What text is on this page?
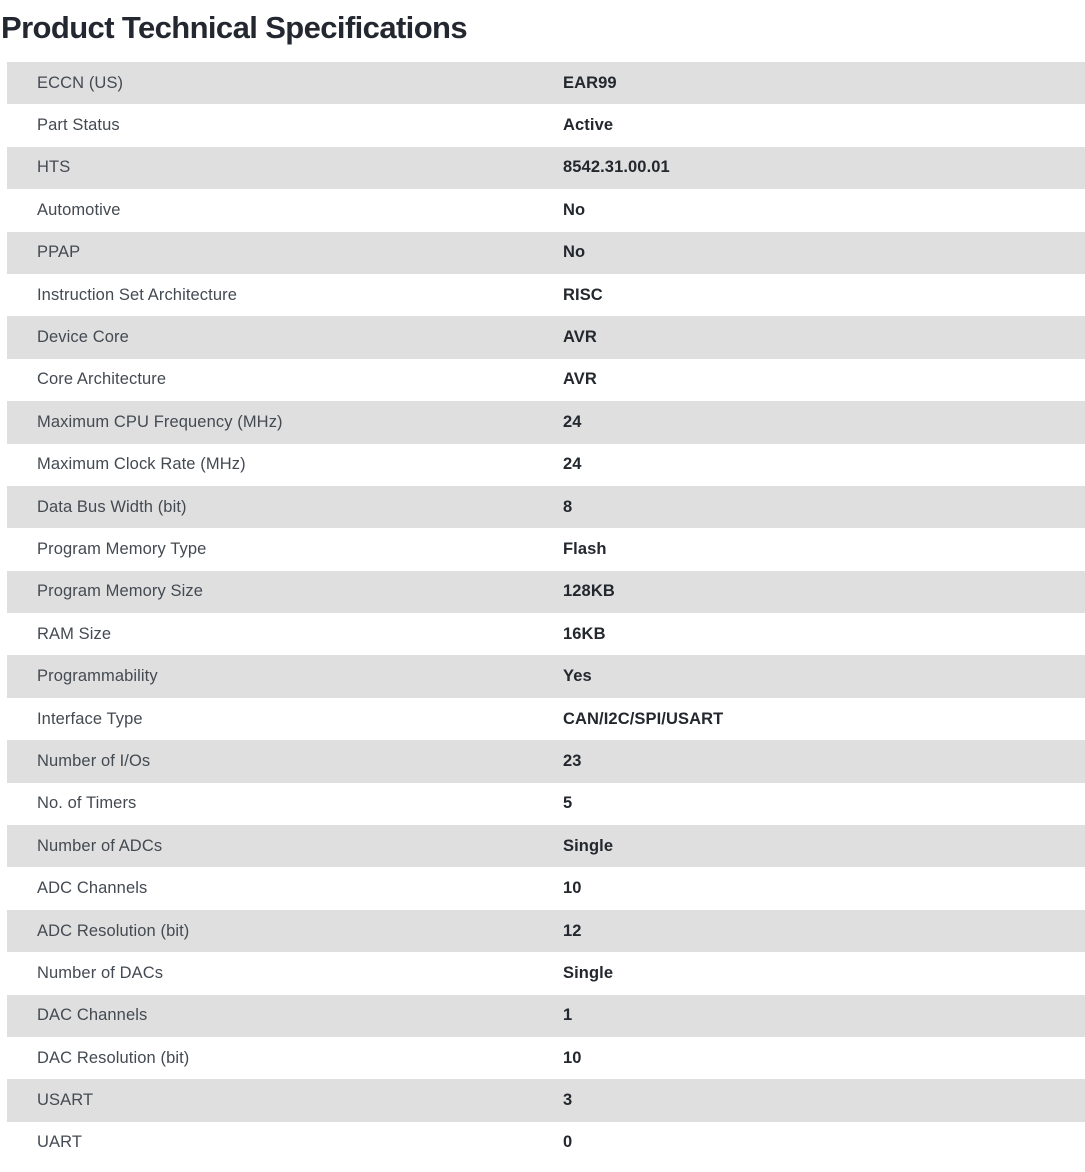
Product Technical Specifications
ECCN (US)	EAR99
Part Status	Active
HTS	8542.31.00.01
Automotive	No
PPAP	No
Instruction Set Architecture	RISC
Device Core	AVR
Core Architecture	AVR
Maximum CPU Frequency (MHz)	24
Maximum Clock Rate (MHz)	24
Data Bus Width (bit)	8
Program Memory Type	Flash
Program Memory Size	128KB
RAM Size	16KB
Programmability	Yes
Interface Type	CAN/I2C/SPI/USART
Number of I/Os	23
No. of Timers	5
Number of ADCs	Single
ADC Channels	10
ADC Resolution (bit)	12
Number of DACs	Single
DAC Channels	1
DAC Resolution (bit)	10
USART	3
UART	0
